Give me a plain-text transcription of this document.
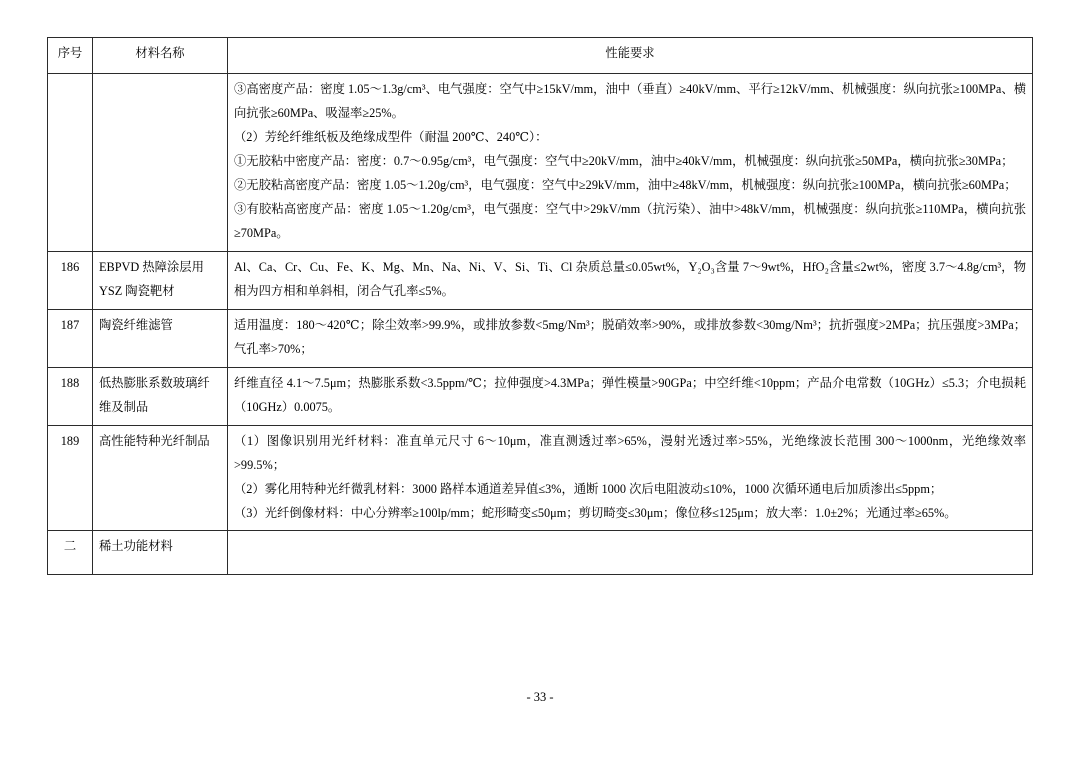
序号	材料名称	性能要求

		③高密度产品：密度 1.05～1.3g/cm³、电气强度：空气中≥15kV/mm，油中（垂直）≥40kV/mm、平行≥12kV/mm、机械强度：纵向抗张≥100MPa、横向抗张≥60MPa、吸湿率≥25%。

（2）芳纶纤维纸板及绝缘成型件（耐温 200℃、240℃）：

①无胶粘中密度产品：密度：0.7～0.95g/cm³，电气强度：空气中≥20kV/mm，油中≥40kV/mm，机械强度：纵向抗张≥50MPa，横向抗张≥30MPa；

②无胶粘高密度产品：密度 1.05～1.20g/cm³，电气强度：空气中≥29kV/mm，油中≥48kV/mm，机械强度：纵向抗张≥100MPa，横向抗张≥60MPa；

③有胶粘高密度产品：密度 1.05～1.20g/cm³，电气强度：空气中>29kV/mm（抗污染）、油中>48kV/mm，机械强度：纵向抗张≥110MPa，横向抗张≥70MPa。

186	EBPVD 热障涂层用 YSZ 陶瓷靶材	Al、Ca、Cr、Cu、Fe、K、Mg、Mn、Na、Ni、V、Si、Ti、Cl 杂质总量≤0.05wt%，Y₂O₃含量 7～9wt%，HfO₂含量≤2wt%，密度 3.7～4.8g/cm³，物相为四方相和单斜相，闭合气孔率≤5%。

187	陶瓷纤维滤管	适用温度：180～420℃；除尘效率>99.9%，或排放参数<5mg/Nm³；脱硝效率>90%，或排放参数<30mg/Nm³；抗折强度>2MPa；抗压强度>3MPa；气孔率>70%；

188	低热膨胀系数玻璃纤维及制品	纤维直径 4.1～7.5μm；热膨胀系数<3.5ppm/℃；拉伸强度>4.3MPa；弹性模量>90GPa；中空纤维<10ppm；产品介电常数（10GHz）≤5.3；介电损耗（10GHz）0.0075。

189	高性能特种光纤制品	（1）图像识别用光纤材料：准直单元尺寸 6～10μm，准直测透过率>65%，漫射光透过率>55%，光绝缘波长范围 300～1000nm，光绝缘效率>99.5%；

（2）雾化用特种光纤微乳材料：3000 路样本通道差异值≤3%，通断 1000 次后电阻波动≤10%，1000 次循环通电后加质渗出≤5ppm；

（3）光纤倒像材料：中心分辨率≥100lp/mm；蛇形畸变≤50μm；剪切畸变≤30μm；像位移≤125μm；放大率：1.0±2%；光通过率≥65%。

二	稀土功能材料	
- 33 -
